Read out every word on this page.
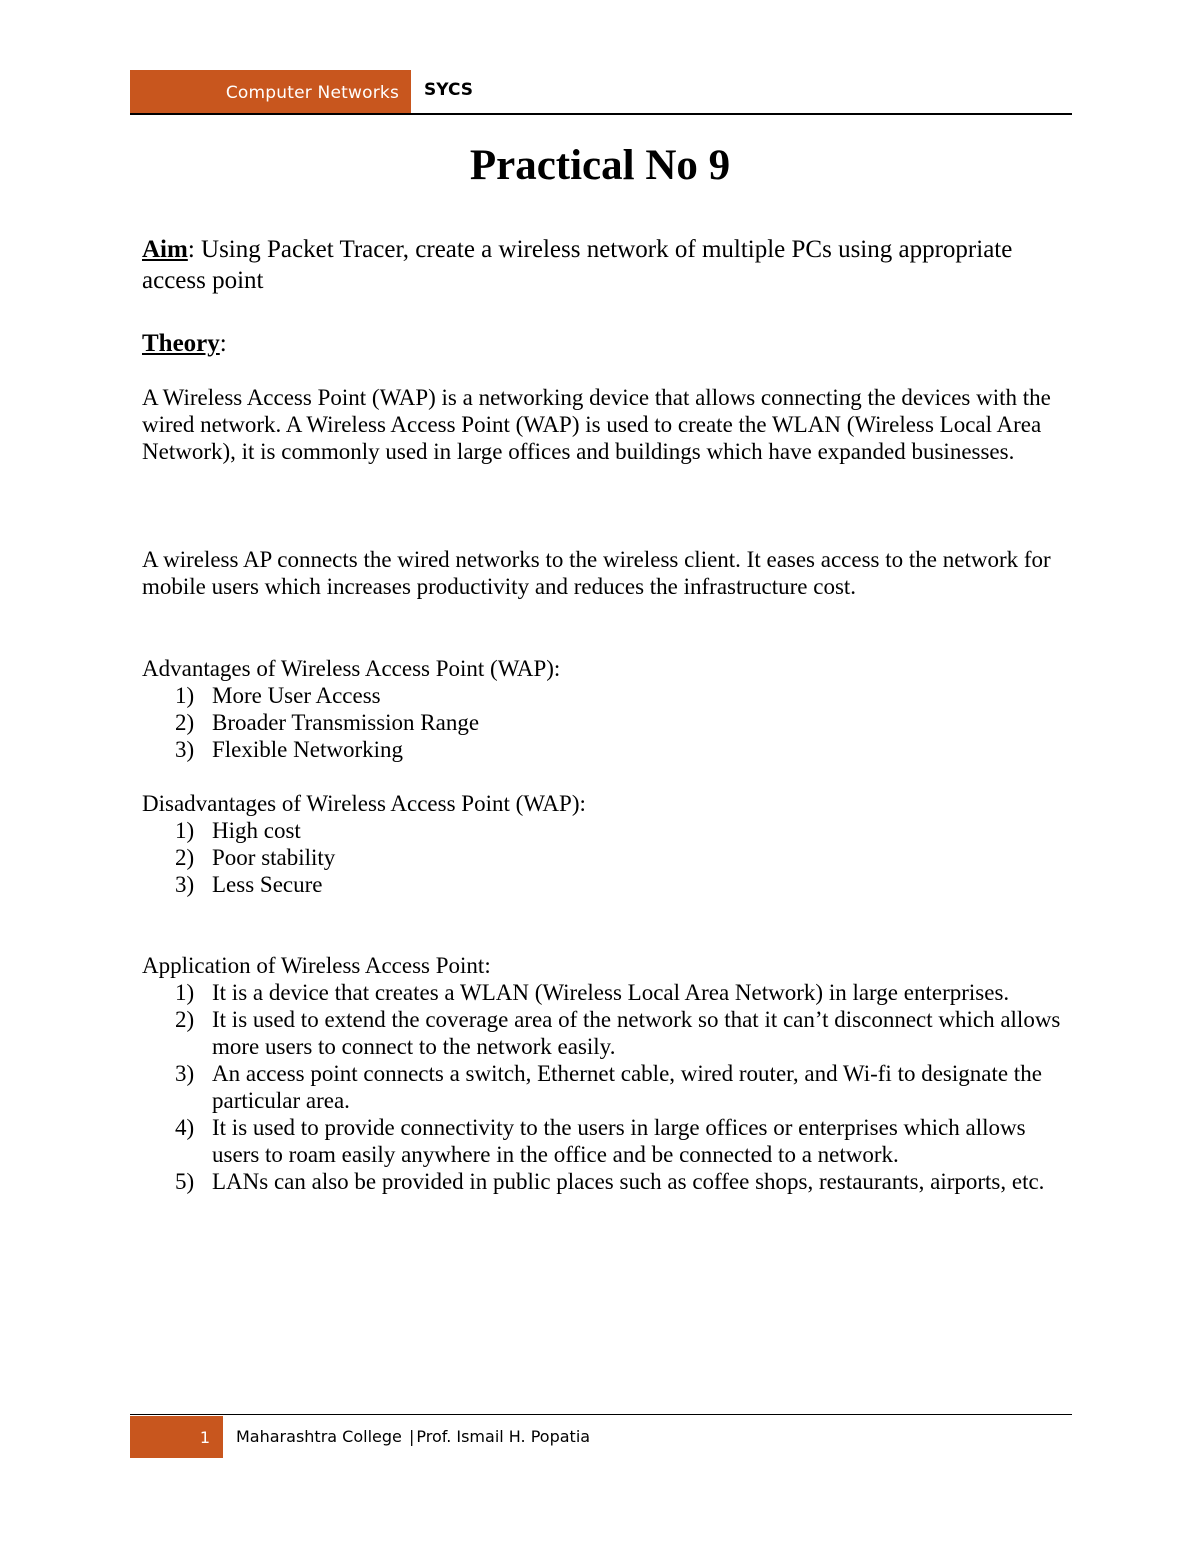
Computer Networks SYCS
Practical No 9
Aim: Using Packet Tracer, create a wireless network of multiple PCs using appropriate access point
Theory:
A Wireless Access Point (WAP) is a networking device that allows connecting the devices with the wired network. A Wireless Access Point (WAP) is used to create the WLAN (Wireless Local Area Network), it is commonly used in large offices and buildings which have expanded businesses.
A wireless AP connects the wired networks to the wireless client. It eases access to the network for mobile users which increases productivity and reduces the infrastructure cost.
Advantages of Wireless Access Point (WAP):
1) More User Access
2) Broader Transmission Range
3) Flexible Networking
Disadvantages of Wireless Access Point (WAP):
1) High cost
2) Poor stability
3) Less Secure
Application of Wireless Access Point:
1) It is a device that creates a WLAN (Wireless Local Area Network) in large enterprises.
2) It is used to extend the coverage area of the network so that it can’t disconnect which allows more users to connect to the network easily.
3) An access point connects a switch, Ethernet cable, wired router, and Wi-fi to designate the particular area.
4) It is used to provide connectivity to the users in large offices or enterprises which allows users to roam easily anywhere in the office and be connected to a network.
5) LANs can also be provided in public places such as coffee shops, restaurants, airports, etc.
1 Maharashtra College | Prof. Ismail H. Popatia
